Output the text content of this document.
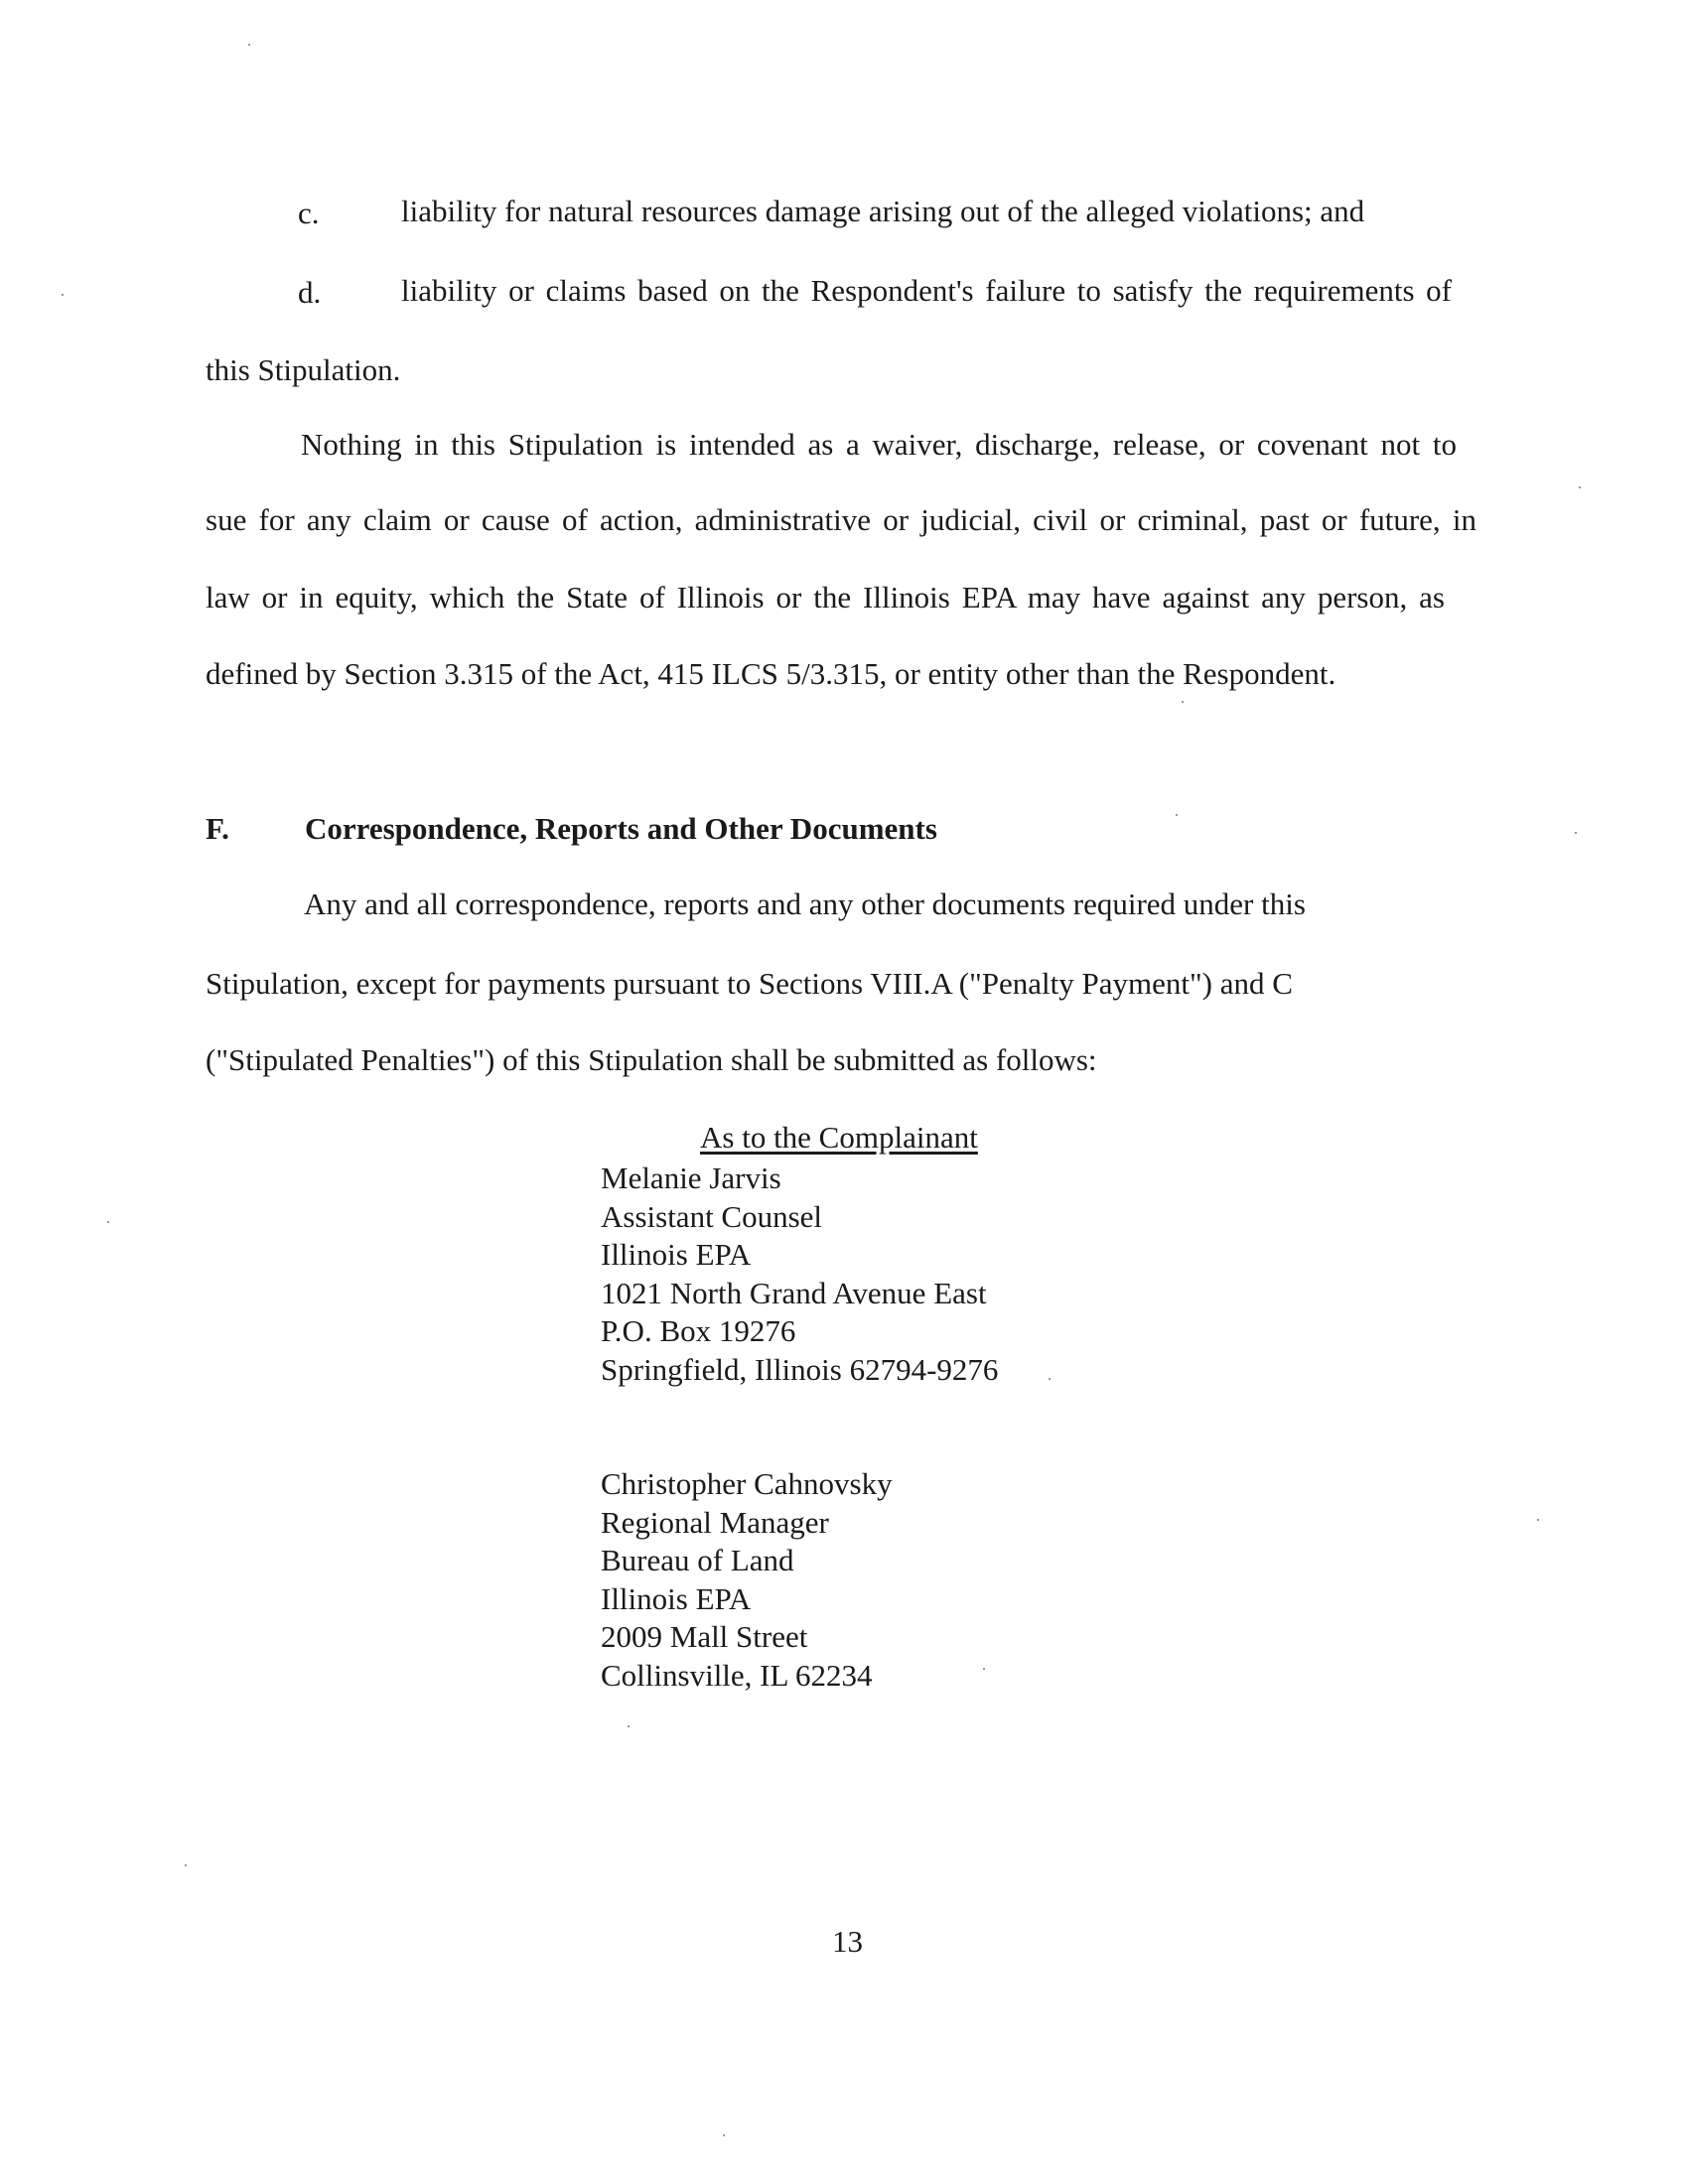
c.	liability for natural resources damage arising out of the alleged violations; and
d.	liability or claims based on the Respondent's failure to satisfy the requirements of
this Stipulation.
Nothing in this Stipulation is intended as a waiver, discharge, release, or covenant not to
sue for any claim or cause of action, administrative or judicial, civil or criminal, past or future, in
law or in equity, which the State of Illinois or the Illinois EPA may have against any person, as
defined by Section 3.315 of the Act, 415 ILCS 5/3.315, or entity other than the Respondent.
F. Correspondence, Reports and Other Documents
Any and all correspondence, reports and any other documents required under this
Stipulation, except for payments pursuant to Sections VIII.A ("Penalty Payment") and C
("Stipulated Penalties") of this Stipulation shall be submitted as follows:
As to the Complainant
Melanie Jarvis
Assistant Counsel
Illinois EPA
1021 North Grand Avenue East
P.O. Box 19276
Springfield, Illinois 62794-9276
Christopher Cahnovsky
Regional Manager
Bureau of Land
Illinois EPA
2009 Mall Street
Collinsville, IL 62234
13
